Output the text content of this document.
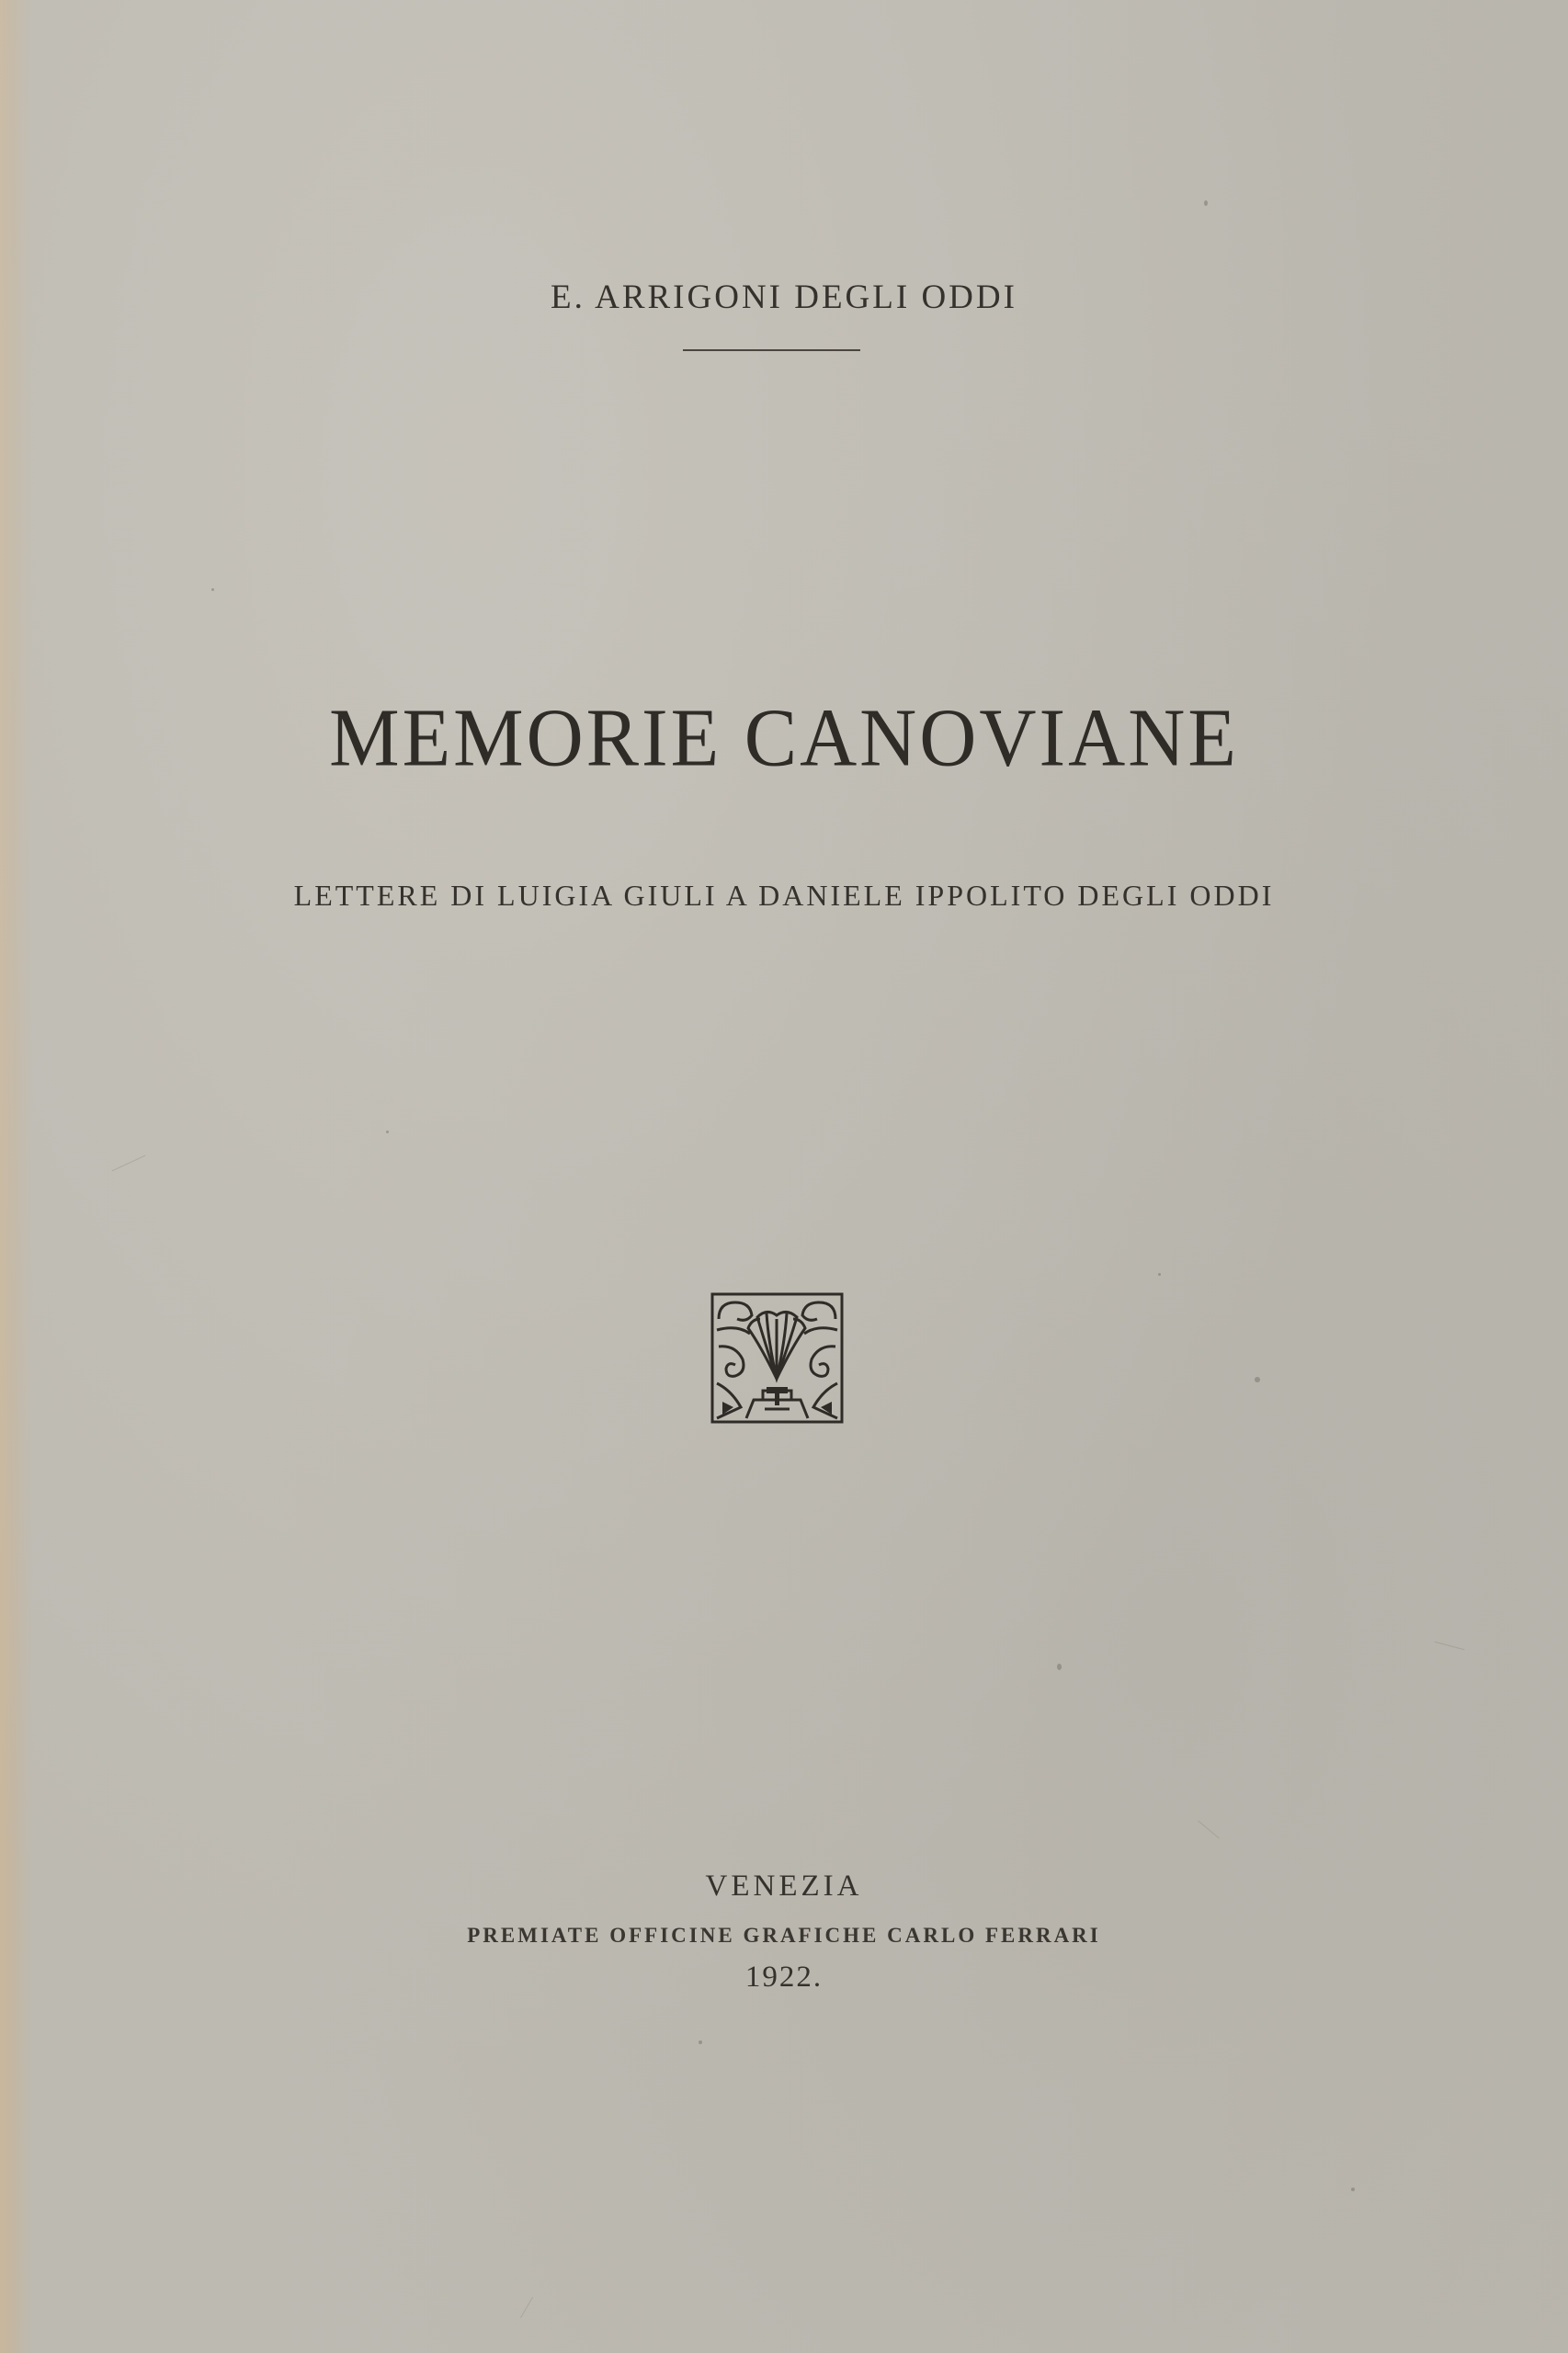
E. ARRIGONI DEGLI ODDI
MEMORIE CANOVIANE
LETTERE DI LUIGIA GIULI A DANIELE IPPOLITO DEGLI ODDI
VENEZIA
PREMIATE OFFICINE GRAFICHE CARLO FERRARI
1922.
